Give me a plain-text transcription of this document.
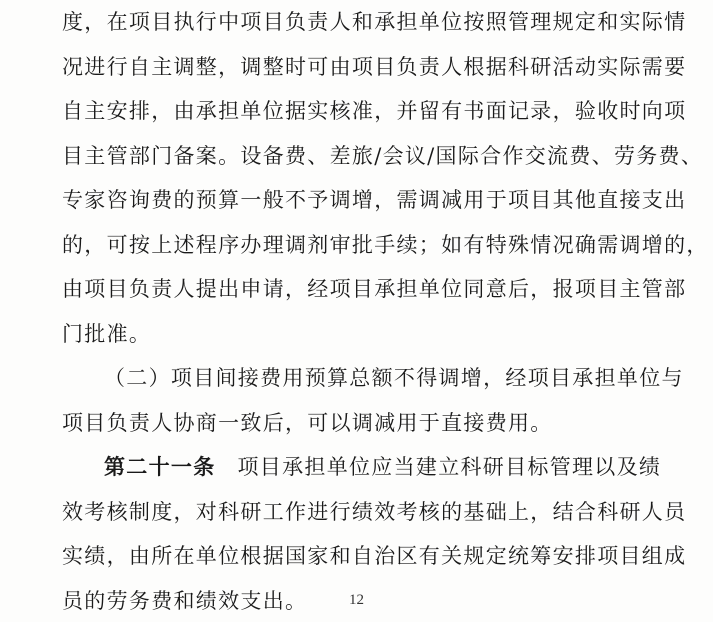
度，在项目执行中项目负责人和承担单位按照管理规定和实际情
况进行自主调整，调整时可由项目负责人根据科研活动实际需要
自主安排，由承担单位据实核准，并留有书面记录，验收时向项
目主管部门备案。设备费、差旅/会议/国际合作交流费、劳务费、
专家咨询费的预算一般不予调增，需调减用于项目其他直接支出
的，可按上述程序办理调剂审批手续；如有特殊情况确需调增的，
由项目负责人提出申请，经项目承担单位同意后，报项目主管部
门批准。

（二）项目间接费用预算总额不得调增，经项目承担单位与
项目负责人协商一致后，可以调减用于直接费用。

第二十一条 项目承担单位应当建立科研目标管理以及绩
效考核制度，对科研工作进行绩效考核的基础上，结合科研人员
实绩，由所在单位根据国家和自治区有关规定统筹安排项目组成
员的劳务费和绩效支出。	12
